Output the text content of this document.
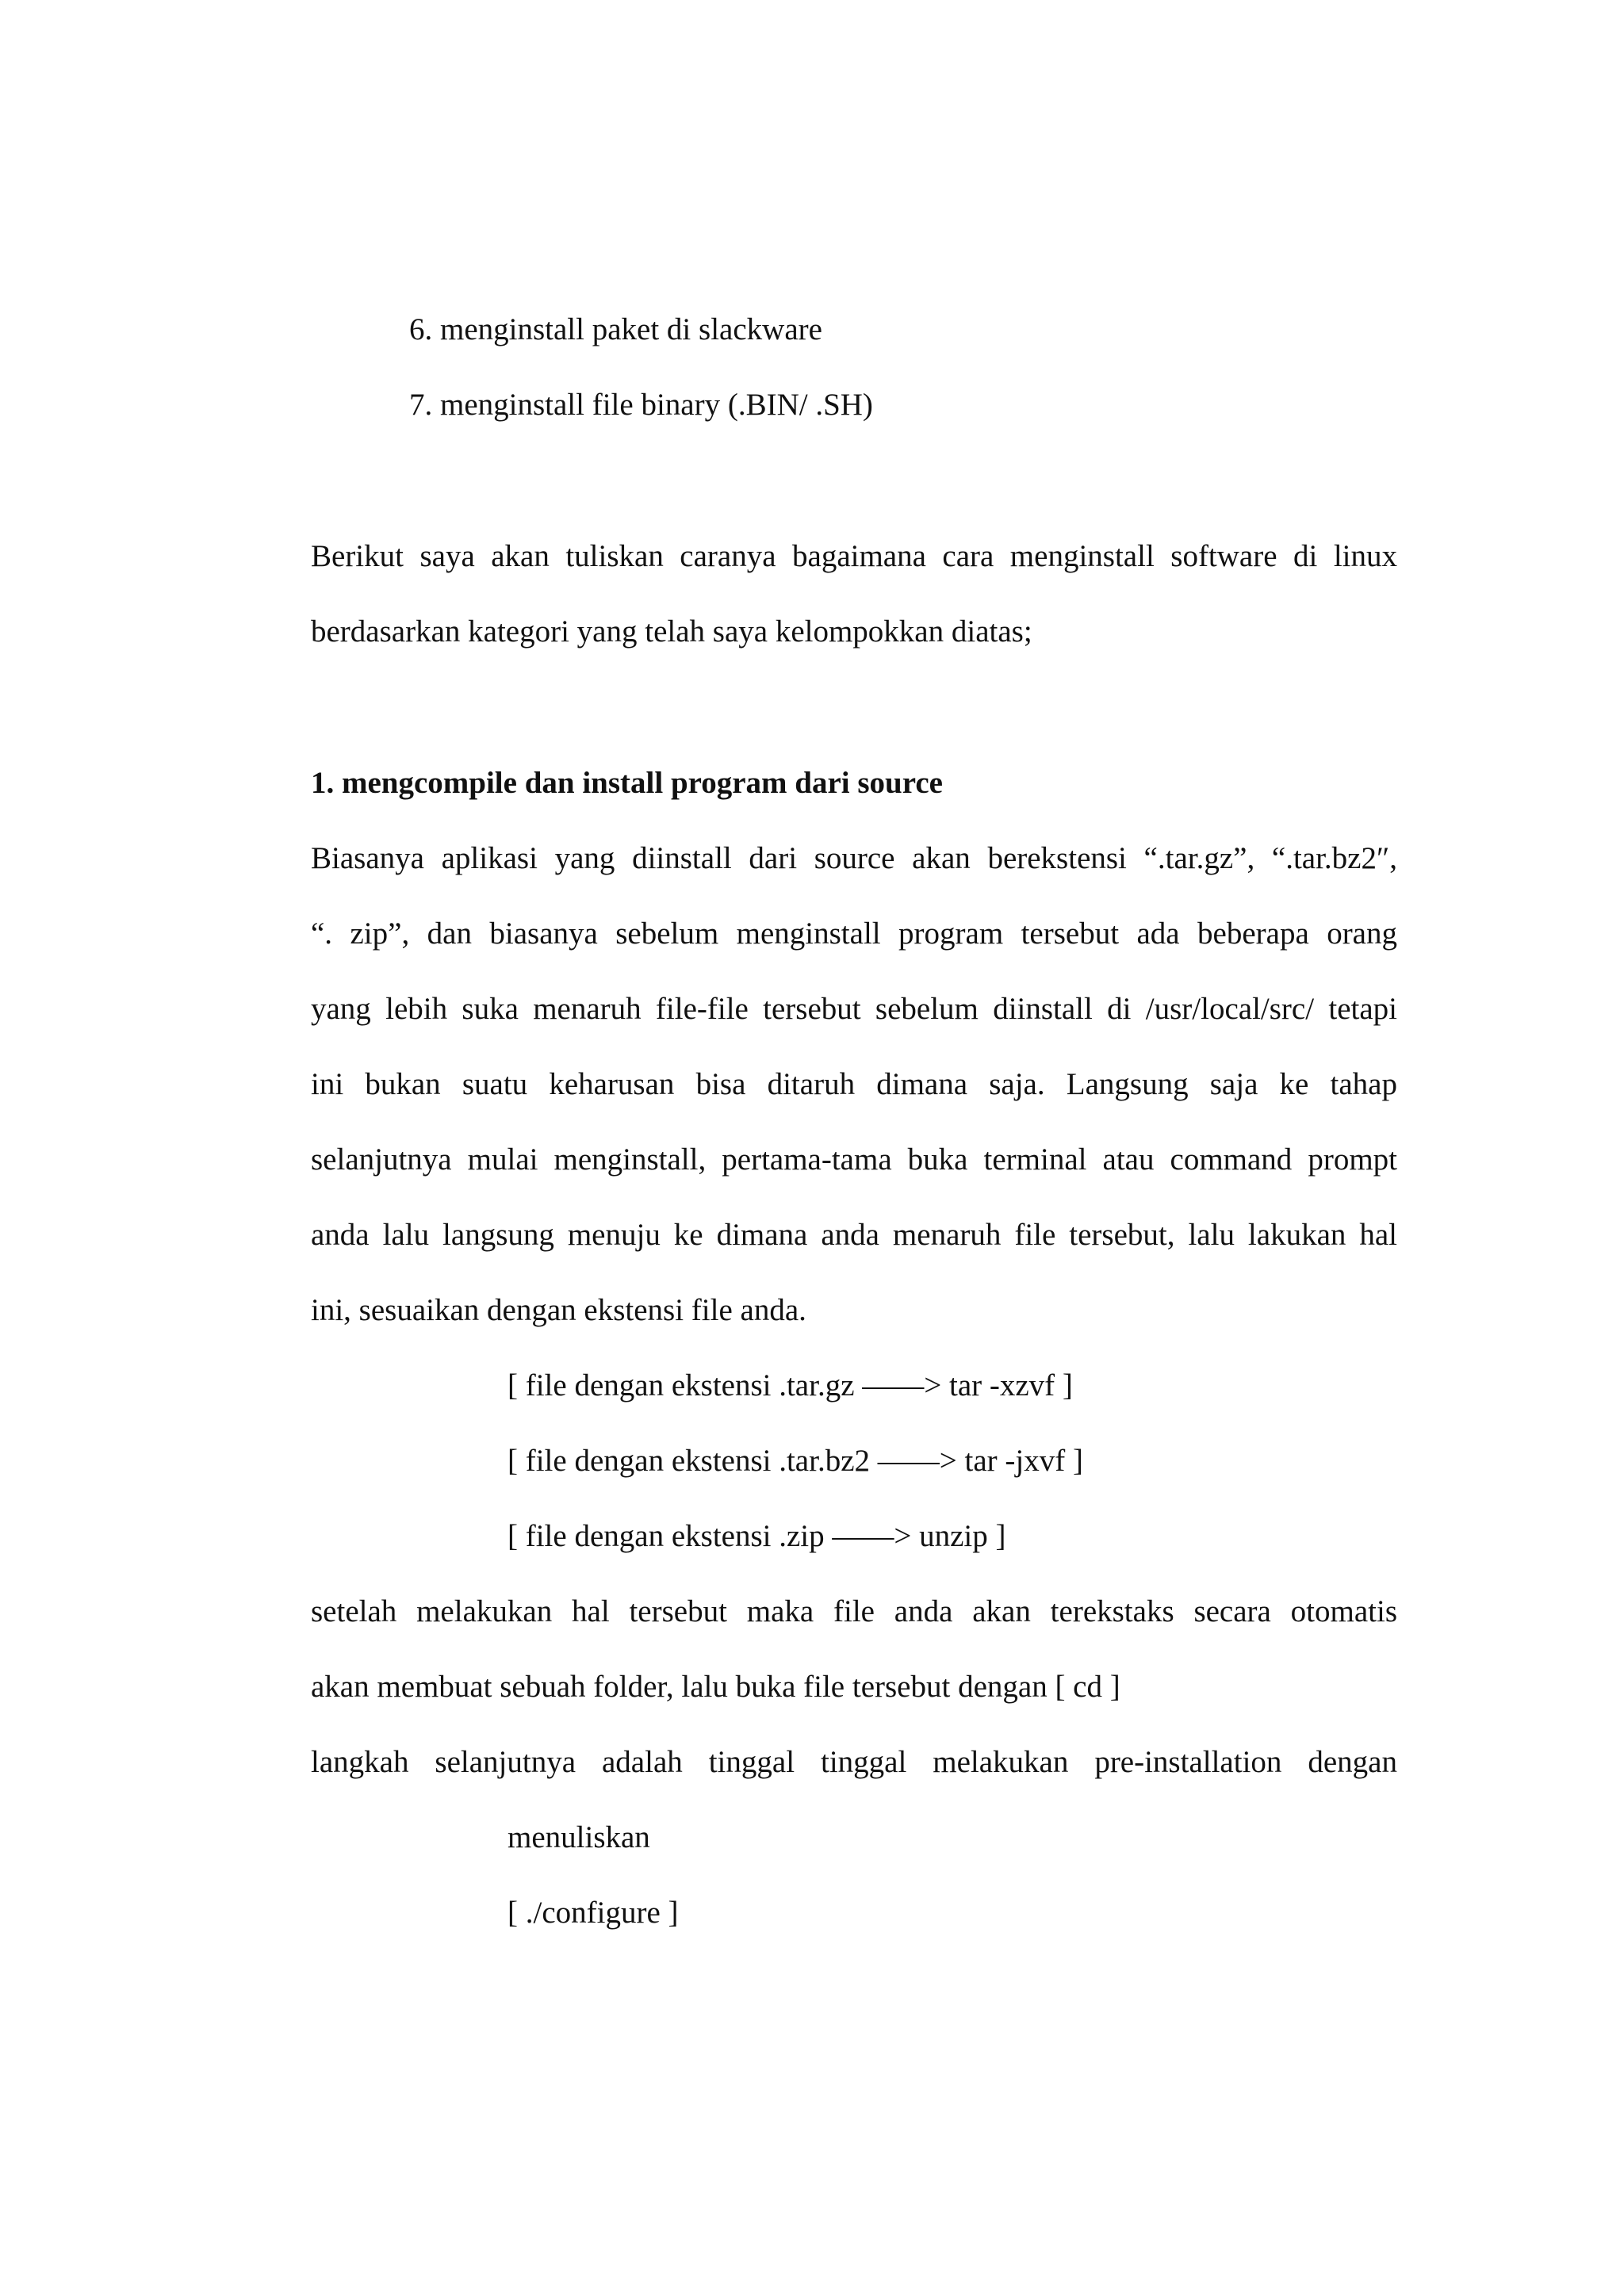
6. menginstall paket di slackware

7. menginstall file binary (.BIN/ .SH)

Berikut saya akan tuliskan caranya bagaimana cara menginstall software di linux

berdasarkan kategori yang telah saya kelompokkan diatas;

1. mengcompile dan install program dari source

Biasanya aplikasi yang diinstall dari source akan berekstensi “.tar.gz”, “.tar.bz2″,

“. zip”, dan biasanya sebelum menginstall program tersebut ada beberapa orang

yang lebih suka menaruh file-file tersebut sebelum diinstall di /usr/local/src/ tetapi

ini bukan suatu keharusan bisa ditaruh dimana saja. Langsung saja ke tahap

selanjutnya mulai menginstall, pertama-tama buka terminal atau command prompt

anda lalu langsung menuju ke dimana anda menaruh file tersebut, lalu lakukan hal

ini, sesuaikan dengan ekstensi file anda.

[ file dengan ekstensi .tar.gz ——> tar -xzvf ]

[ file dengan ekstensi .tar.bz2 ——> tar -jxvf ]

[ file dengan ekstensi .zip ——> unzip ]

setelah melakukan hal tersebut maka file anda akan terekstaks secara otomatis

akan membuat sebuah folder, lalu buka file tersebut dengan [ cd ]

langkah selanjutnya adalah tinggal tinggal melakukan pre-installation dengan

menuliskan

[ ./configure ]
